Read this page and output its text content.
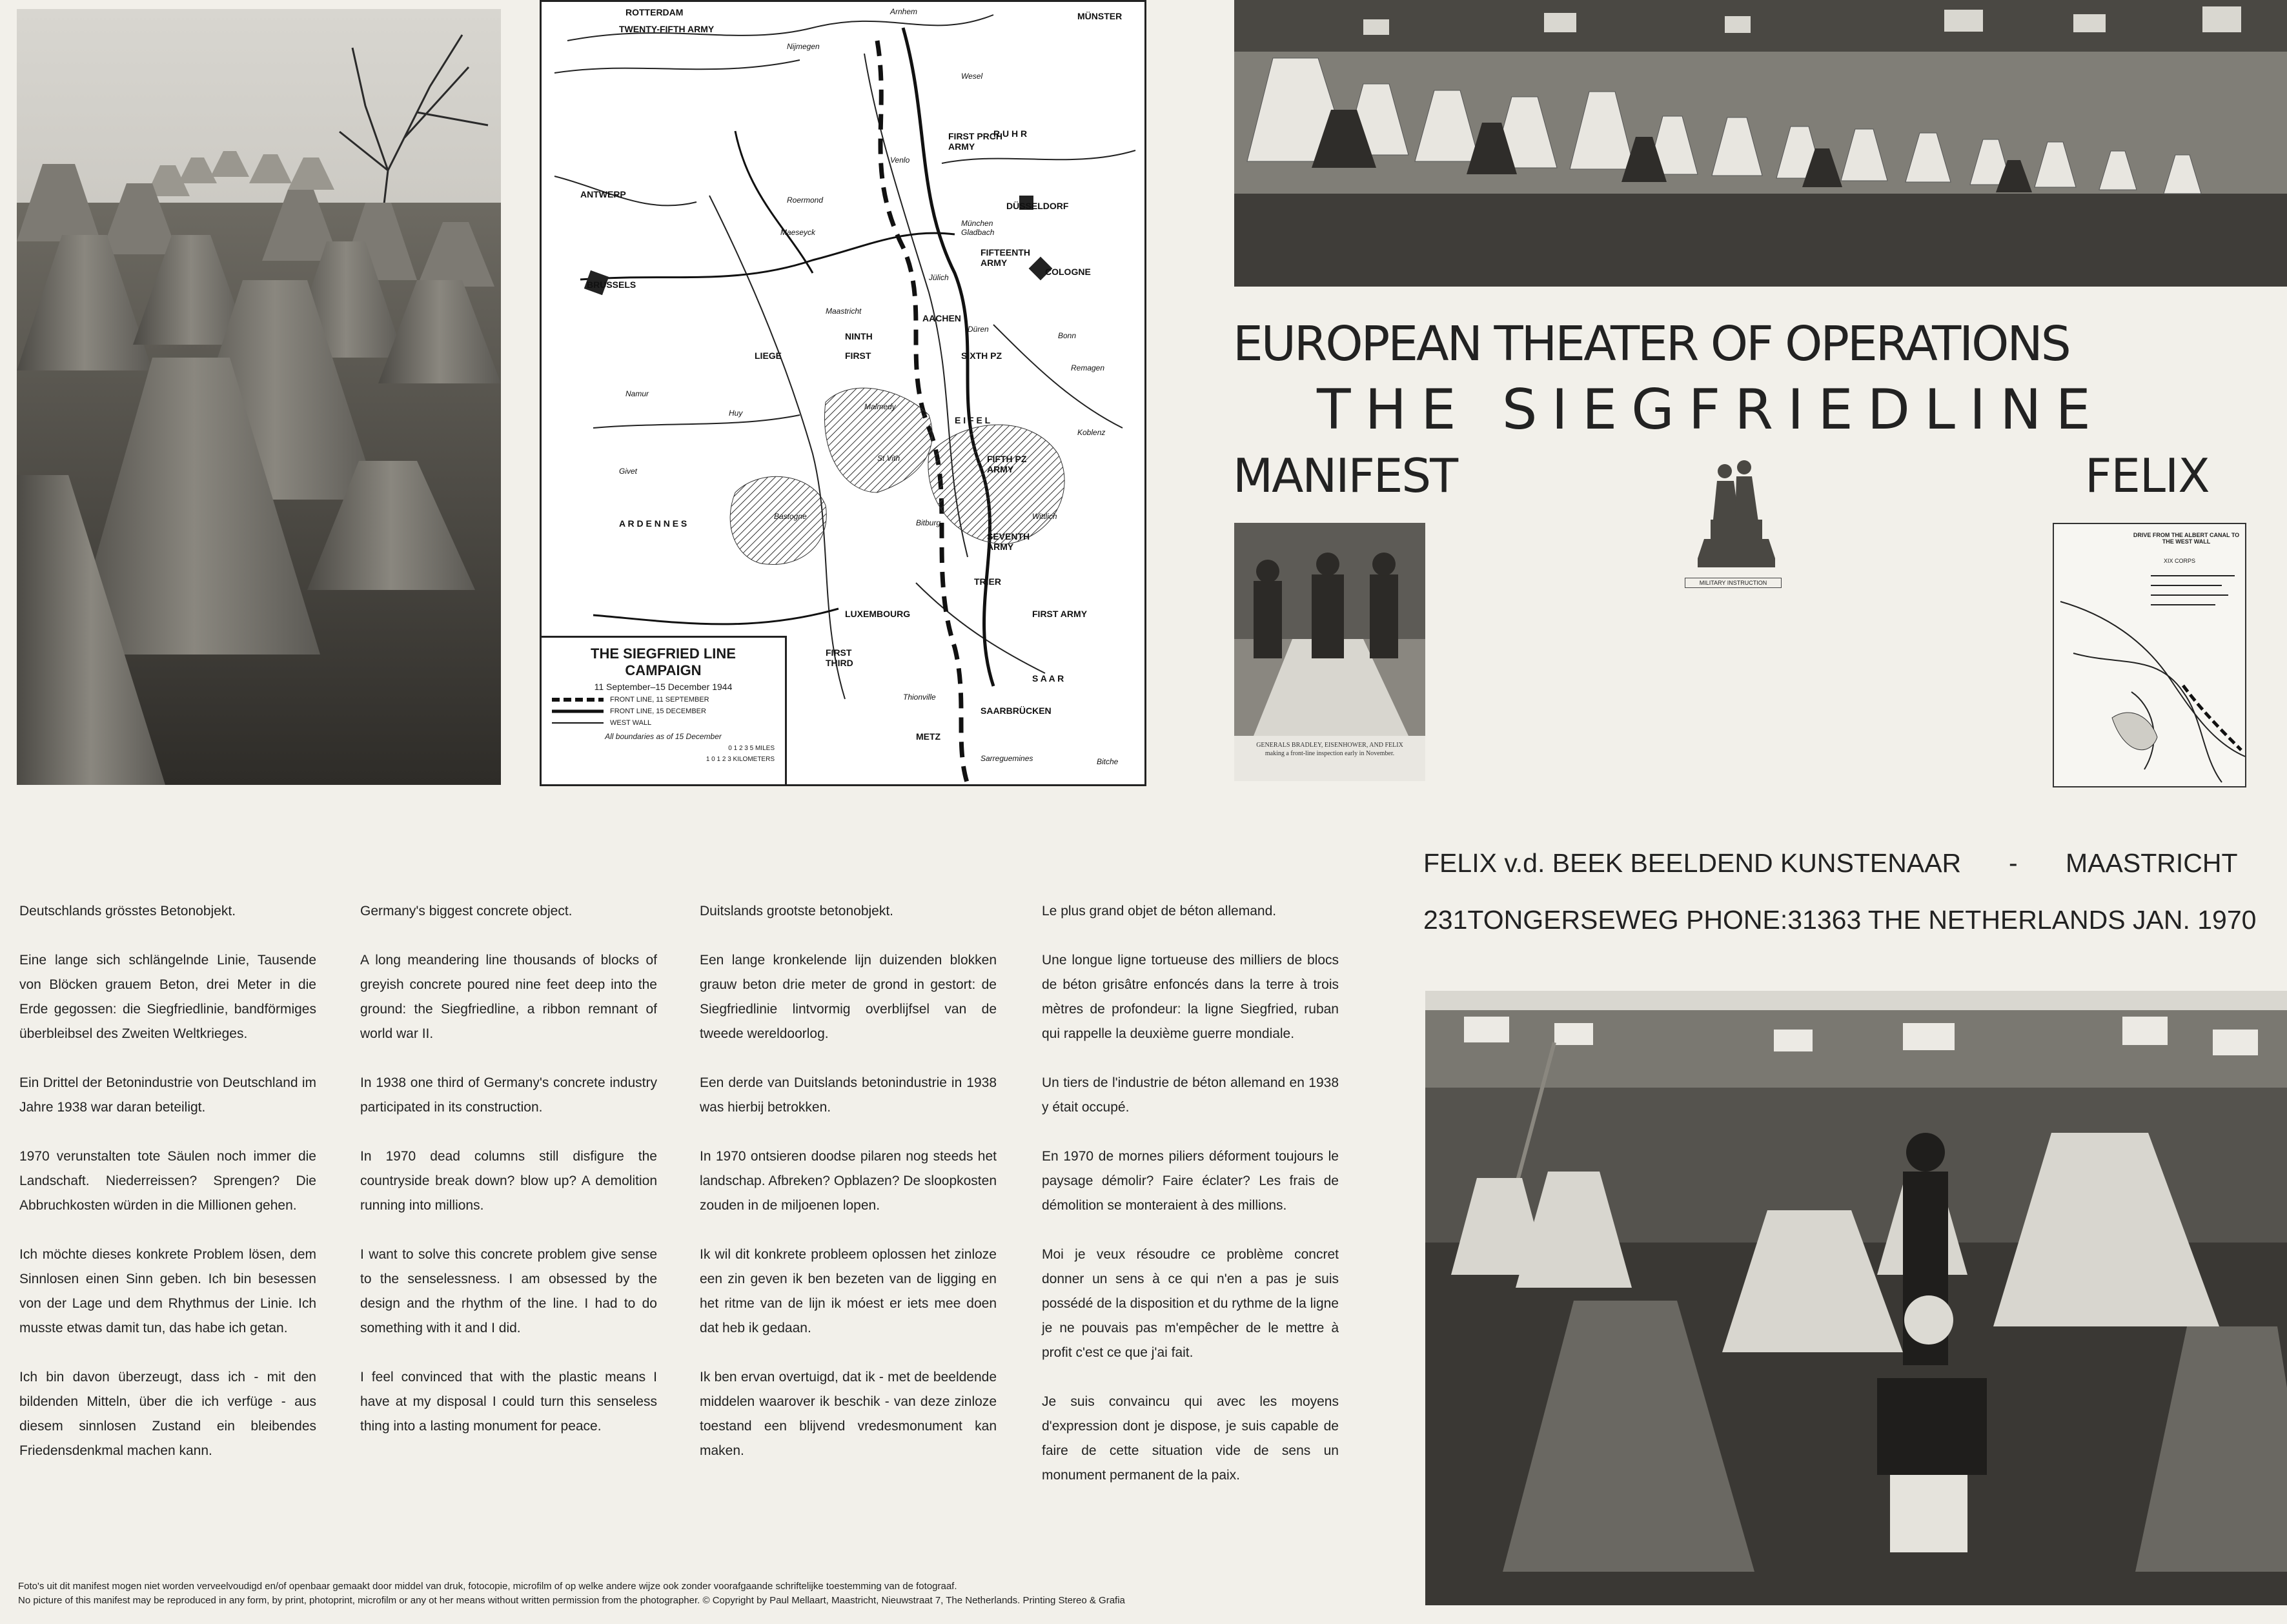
ROTTERDAM
TWENTY-FIFTH ARMY
Nijmegen
Arnhem	MÜNSTER
Wesel
R U H R
Venlo
FIRST PRCH ARMY
ANTWERP
Roermond
DÜSSELDORF
Maeseyck
München Gladbach
FIFTEENTH ARMY
COLOGNE
BRUSSELS
Jülich
Maastricht
AACHEN
Düren
NINTH	Bonn
FIRST
LIEGE	SIXTH PZ
Remagen
Namur
Huy
Malmedy
E I F E L
Koblenz
St Vith	FIFTH PZ ARMY
Givet
A R D E N N E S
Bastogne
Bitburg
Wittlich
SEVENTH ARMY
TRIER
LUXEMBOURG	FIRST ARMY
FIRST THIRD
S A A R
Thionville
SAARBRÜCKEN
METZ
Sarreguemines	Bitche
THE SIEGFRIED LINE CAMPAIGN
11 September–15 December 1944
FRONT LINE, 11 SEPTEMBER
FRONT LINE, 15 DECEMBER
WEST WALL
All boundaries as of 15 December
0 1 2 3 5 MILES
1 0 1 2 3 KILOMETERS
EUROPEAN THEATER OF OPERATIONS
THE SIEGFRIEDLINE
MANIFEST	FELIX
GENERALS BRADLEY, EISENHOWER, AND FELIX making a front-line inspection early in November.
MILITARY INSTRUCTION
DRIVE FROM THE ALBERT CANAL TO THE WEST WALL
XIX CORPS
FELIX v.d. BEEK BEELDEND KUNSTENAAR - MAASTRICHT
231TONGERSEWEG PHONE:31363 THE NETHERLANDS JAN. 1970

Deutschlands grösstes Betonobjekt.

Eine lange sich schlängelnde Linie, Tausende von Blöcken grauem Beton, drei Meter in die Erde gegossen: die Siegfriedlinie, bandförmiges überbleibsel des Zweiten Weltkrieges.

Ein Drittel der Betonindustrie von Deutschland im Jahre 1938 war daran beteiligt.

1970 verunstalten tote Säulen noch immer die Landschaft. Niederreissen? Sprengen? Die Abbruchkosten würden in die Millionen gehen.

Ich möchte dieses konkrete Problem lösen, dem Sinnlosen einen Sinn geben. Ich bin besessen von der Lage und dem Rhythmus der Linie. Ich musste etwas damit tun, das habe ich getan.

Ich bin davon überzeugt, dass ich - mit den bildenden Mitteln, über die ich verfüge - aus diesem sinnlosen Zustand ein bleibendes Friedensdenkmal machen kann.

Germany's biggest concrete object.

A long meandering line thousands of blocks of greyish concrete poured nine feet deep into the ground: the Siegfriedline, a ribbon remnant of world war II.

In 1938 one third of Germany's concrete industry participated in its construction.

In 1970 dead columns still disfigure the countryside break down? blow up? A demolition running into millions.

I want to solve this concrete problem give sense to the senselessness. I am obsessed by the design and the rhythm of the line. I had to do something with it and I did.

I feel convinced that with the plastic means I have at my disposal I could turn this senseless thing into a lasting monument for peace.

Duitslands grootste betonobjekt.

Een lange kronkelende lijn duizenden blokken grauw beton drie meter de grond in gestort: de Siegfriedlinie lintvormig overblijfsel van de tweede wereldoorlog.

Een derde van Duitslands betonindustrie in 1938 was hierbij betrokken.

In 1970 ontsieren doodse pilaren nog steeds het landschap. Afbreken? Opblazen? De sloopkosten zouden in de miljoenen lopen.

Ik wil dit konkrete probleem oplossen het zinloze een zin geven ik ben bezeten van de ligging en het ritme van de lijn ik móest er iets mee doen dat heb ik gedaan.

Ik ben ervan overtuigd, dat ik - met de beeldende middelen waarover ik beschik - van deze zinloze toestand een blijvend vredesmonument kan maken.

Le plus grand objet de béton allemand.

Une longue ligne tortueuse des milliers de blocs de béton grisâtre enfoncés dans la terre à trois mètres de profondeur: la ligne Siegfried, ruban qui rappelle la deuxième guerre mondiale.

Un tiers de l'industrie de béton allemand en 1938 y était occupé.

En 1970 de mornes piliers déforment toujours le paysage démolir? Faire éclater? Les frais de démolition se monteraient à des millions.

Moi je veux résoudre ce problème concret donner un sens à ce qui n'en a pas je suis possédé de la disposition et du rythme de la ligne je ne pouvais pas m'empêcher de le mettre à profit c'est ce que j'ai fait.

Je suis convaincu qui avec les moyens d'expression dont je dispose, je suis capable de faire de cette situation vide de sens un monument permanent de la paix.

Foto's uit dit manifest mogen niet worden verveelvoudigd en/of openbaar gemaakt door middel van druk, fotocopie, microfilm of op welke andere wijze ook zonder voorafgaande schriftelijke toestemming van de fotograaf.
No picture of this manifest may be reproduced in any form, by print, photoprint, microfilm or any ot her means without written permission from the photographer. © Copyright by Paul Mellaart, Maastricht, Nieuwstraat 7, The Netherlands. Printing Stereo & Grafia
